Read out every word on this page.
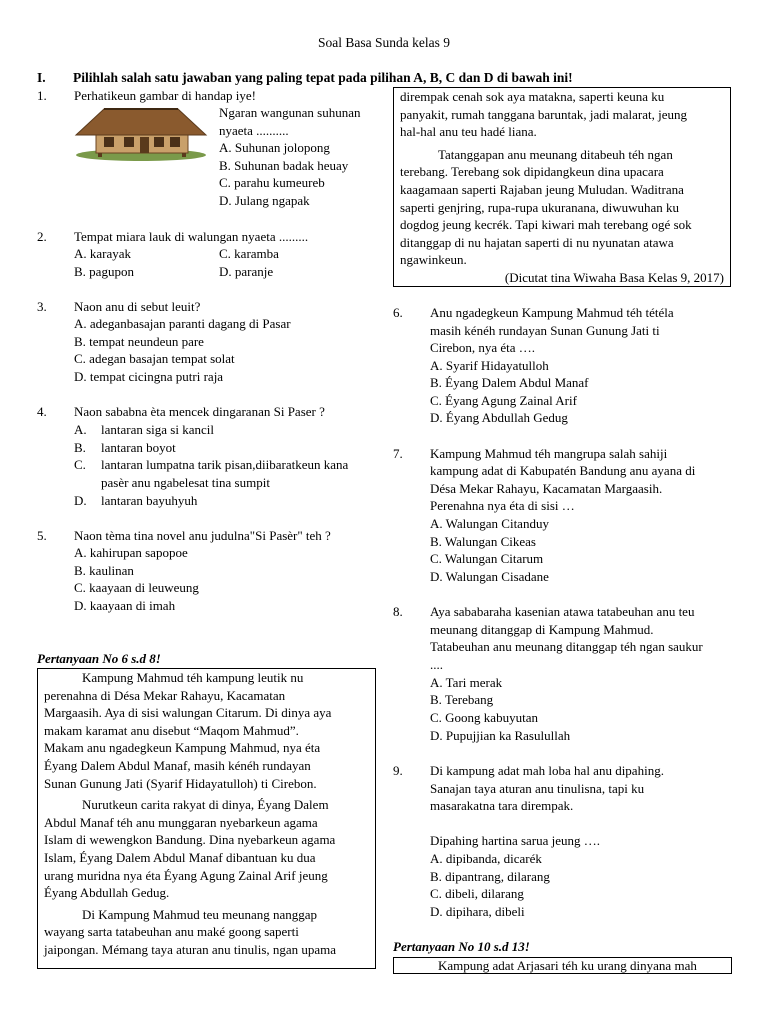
Soal Basa Sunda kelas 9
I. Pilihlah salah satu jawaban yang paling tepat pada pilihan A, B, C dan D di bawah ini!
1. Perhatikeun gambar di handap iye!
Ngaran wangunan suhunan
nyaeta ..........
A. Suhunan jolopong
B. Suhunan badak heuay
C. parahu kumeureb
D. Julang ngapak
2. Tempat miara lauk di walungan nyaeta .........
A. karayak	C. karamba
B. pagupon	D. paranje
3. Naon anu di sebut leuit?
A. adeganbasajan paranti dagang di Pasar
B. tempat neundeun pare
C. adegan basajan tempat solat
D. tempat cicingna putri raja
4. Naon sababna èta mencek dingaranan Si Paser ?
A. lantaran siga si kancil
B. lantaran boyot
C. lantaran lumpatna tarik pisan,diibaratkeun kana
pasèr anu ngabelesat tina sumpit
D. lantaran bayuhyuh
5. Naon tèma tina novel anu judulna"Si Pasèr" teh ?
A. kahirupan sapopoe
B. kaulinan
C. kaayaan di leuweung
D. kaayaan di imah
Pertanyaan No 6 s.d 8!

Kampung Mahmud téh kampung leutik nu

perenahna di Désa Mekar Rahayu, Kacamatan

Margaasih. Aya di sisi walungan Citarum. Di dinya aya

makam karamat anu disebut “Maqom Mahmud”.

Makam anu ngadegkeun Kampung Mahmud, nya éta

Éyang Dalem Abdul Manaf, masih kénéh rundayan

Sunan Gunung Jati (Syarif Hidayatulloh) ti Cirebon.

Nurutkeun carita rakyat di dinya, Éyang Dalem

Abdul Manaf téh anu munggaran nyebarkeun agama

Islam di wewengkon Bandung. Dina nyebarkeun agama

Islam, Éyang Dalem Abdul Manaf dibantuan ku dua

urang muridna nya éta Éyang Agung Zainal Arif jeung

Éyang Abdullah Gedug.

Di Kampung Mahmud teu meunang nanggap

wayang sarta tatabeuhan anu maké goong saperti

jaipongan. Mémang taya aturan anu tinulis, ngan upama

dirempak cenah sok aya matakna, saperti keuna ku

panyakit, rumah tanggana baruntak, jadi malarat, jeung

hal-hal anu teu hadé liana.

Tatanggapan anu meunang ditabeuh téh ngan

terebang. Terebang sok dipidangkeun dina upacara

kaagamaan saperti Rajaban jeung Muludan. Waditrana

saperti genjring, rupa-rupa ukuranana, diwuwuhan ku

dogdog jeung kecrék. Tapi kiwari mah terebang ogé sok

ditanggap di nu hajatan saperti di nu nyunatan atawa

ngawinkeun.

(Dicutat tina Wiwaha Basa Kelas 9, 2017)

6. Anu ngadegkeun Kampung Mahmud téh tétéla
masih kénéh rundayan Sunan Gunung Jati ti
Cirebon, nya éta ….
A. Syarif Hidayatulloh
B. Éyang Dalem Abdul Manaf
C. Éyang Agung Zainal Arif
D. Éyang Abdullah Gedug
7. Kampung Mahmud téh mangrupa salah sahiji
kampung adat di Kabupatén Bandung anu ayana di
Désa Mekar Rahayu, Kacamatan Margaasih.
Perenahna nya éta di sisi …
A. Walungan Citanduy
B. Walungan Cikeas
C. Walungan Citarum
D. Walungan Cisadane
8. Aya sababaraha kasenian atawa tatabeuhan anu teu
meunang ditanggap di Kampung Mahmud.
Tatabeuhan anu meunang ditanggap téh ngan saukur
....
A. Tari merak
B. Terebang
C. Goong kabuyutan
D. Pupujjian ka Rasulullah
9. Di kampung adat mah loba hal anu dipahing.
Sanajan taya aturan anu tinulisna, tapi ku
masarakatna tara dirempak.
Dipahing hartina sarua jeung ….
A. dipibanda, dicarék
B. dipantrang, dilarang
C. dibeli, dilarang
D. dipihara, dibeli
Pertanyaan No 10 s.d 13!
Kampung adat Arjasari téh ku urang dinyana mah
